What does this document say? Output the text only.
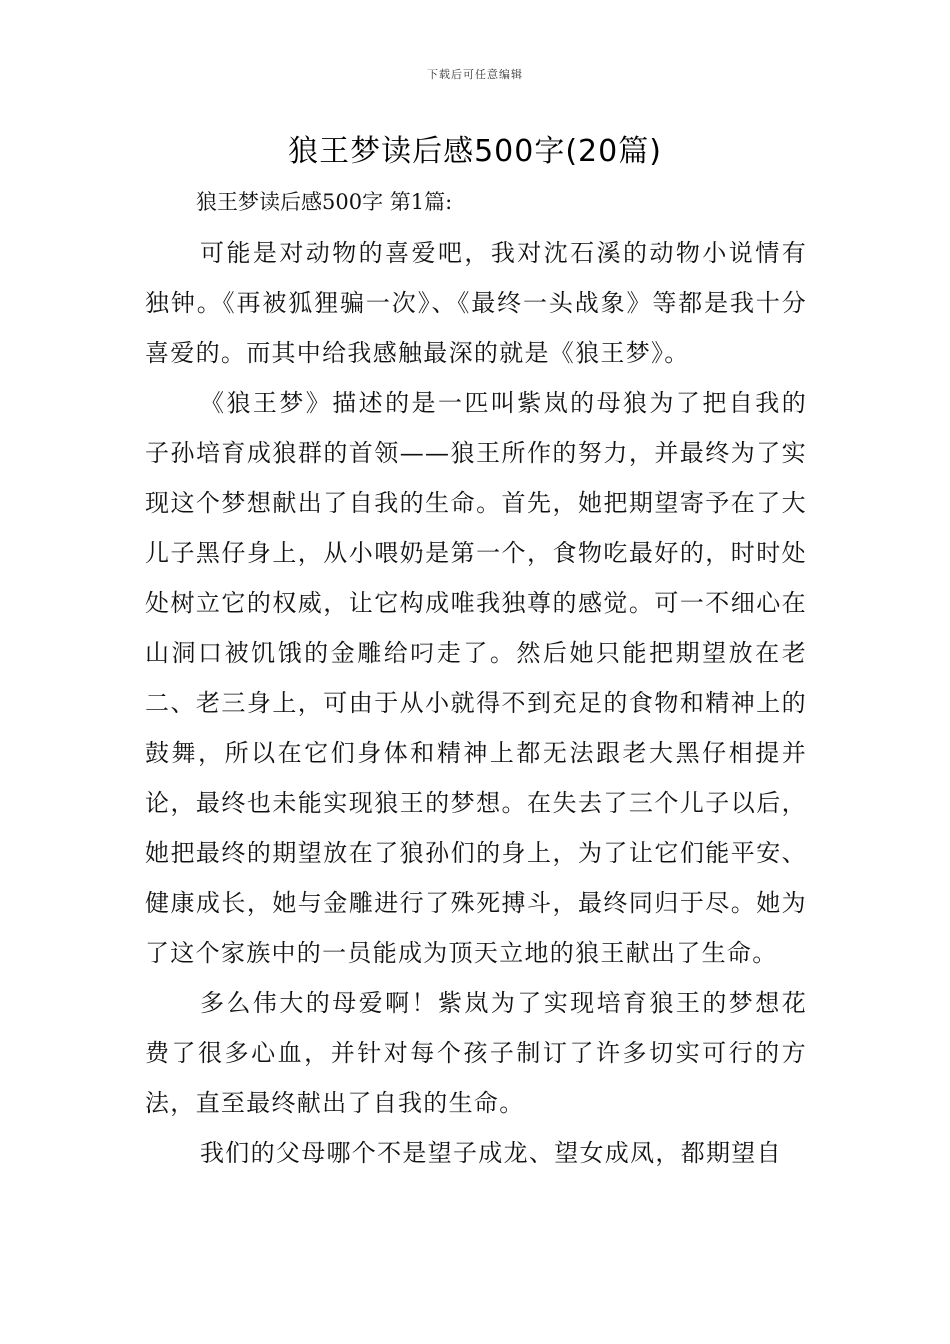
下载后可任意编辑
狼王梦读后感500字(20篇)
狼王梦读后感500字 第1篇:

可能是对动物的喜爱吧，我对沈石溪的动物小说情有独钟。《再被狐狸骗一次》、《最终一头战象》等都是我十分喜爱的。而其中给我感触最深的就是《狼王梦》。

《狼王梦》描述的是一匹叫紫岚的母狼为了把自我的子孙培育成狼群的首领——狼王所作的努力，并最终为了实现这个梦想献出了自我的生命。首先，她把期望寄予在了大儿子黑仔身上，从小喂奶是第一个，食物吃最好的，时时处处树立它的权威，让它构成唯我独尊的感觉。可一不细心在山洞口被饥饿的金雕给叼走了。然后她只能把期望放在老二、老三身上，可由于从小就得不到充足的食物和精神上的鼓舞，所以在它们身体和精神上都无法跟老大黑仔相提并论，最终也未能实现狼王的梦想。在失去了三个儿子以后，她把最终的期望放在了狼孙们的身上，为了让它们能平安、健康成长，她与金雕进行了殊死搏斗，最终同归于尽。她为了这个家族中的一员能成为顶天立地的狼王献出了生命。

多么伟大的母爱啊！紫岚为了实现培育狼王的梦想花费了很多心血，并针对每个孩子制订了许多切实可行的方法，直至最终献出了自我的生命。

我们的父母哪个不是望子成龙、望女成凤，都期望自
